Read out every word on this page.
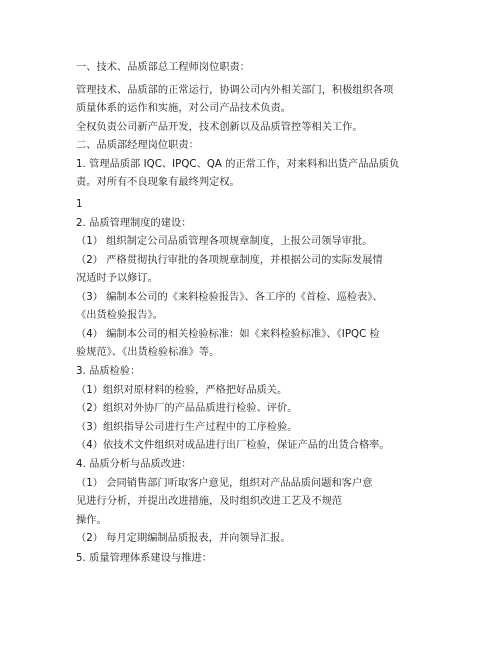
一、技术、品质部总工程师岗位职责：
管理技术、品质部的正常运行，协调公司内外相关部门，积极组织各项
质量体系的运作和实施，对公司产品技术负责。
全权负责公司新产品开发，技术创新以及品质管控等相关工作。
二、品质部经理岗位职责：
1. 管理品质部 IQC、IPQC、QA 的正常工作，对来料和出货产品品质负
责。对所有不良现象有最终判定权。
1
2. 品质管理制度的建设：
（1） 组织制定公司品质管理各项规章制度，上报公司领导审批。
（2） 严格贯彻执行审批的各项规章制度，并根据公司的实际发展情
况适时予以修订。
（3） 编制本公司的《来料检验报告》、各工序的《首检、巡检表》、
《出货检验报告》。
（4） 编制本公司的相关检验标准：如《来料检验标准》、《IPQC 检
验规范》、《出货检验标准》等。
3. 品质检验：
（1）组织对原材料的检验，严格把好品质关。
（2）组织对外协厂的产品品质进行检验、评价。
（3）组织指导公司进行生产过程中的工序检验。
（4）依技术文件组织对成品进行出厂检验，保证产品的出货合格率。
4. 品质分析与品质改进：
（1） 会同销售部门听取客户意见，组织对产品品质问题和客户意
见进行分析，并提出改进措施，及时组织改进工艺及不规范
操作。
（2） 每月定期编制品质报表，并向领导汇报。
5. 质量管理体系建设与推进：
